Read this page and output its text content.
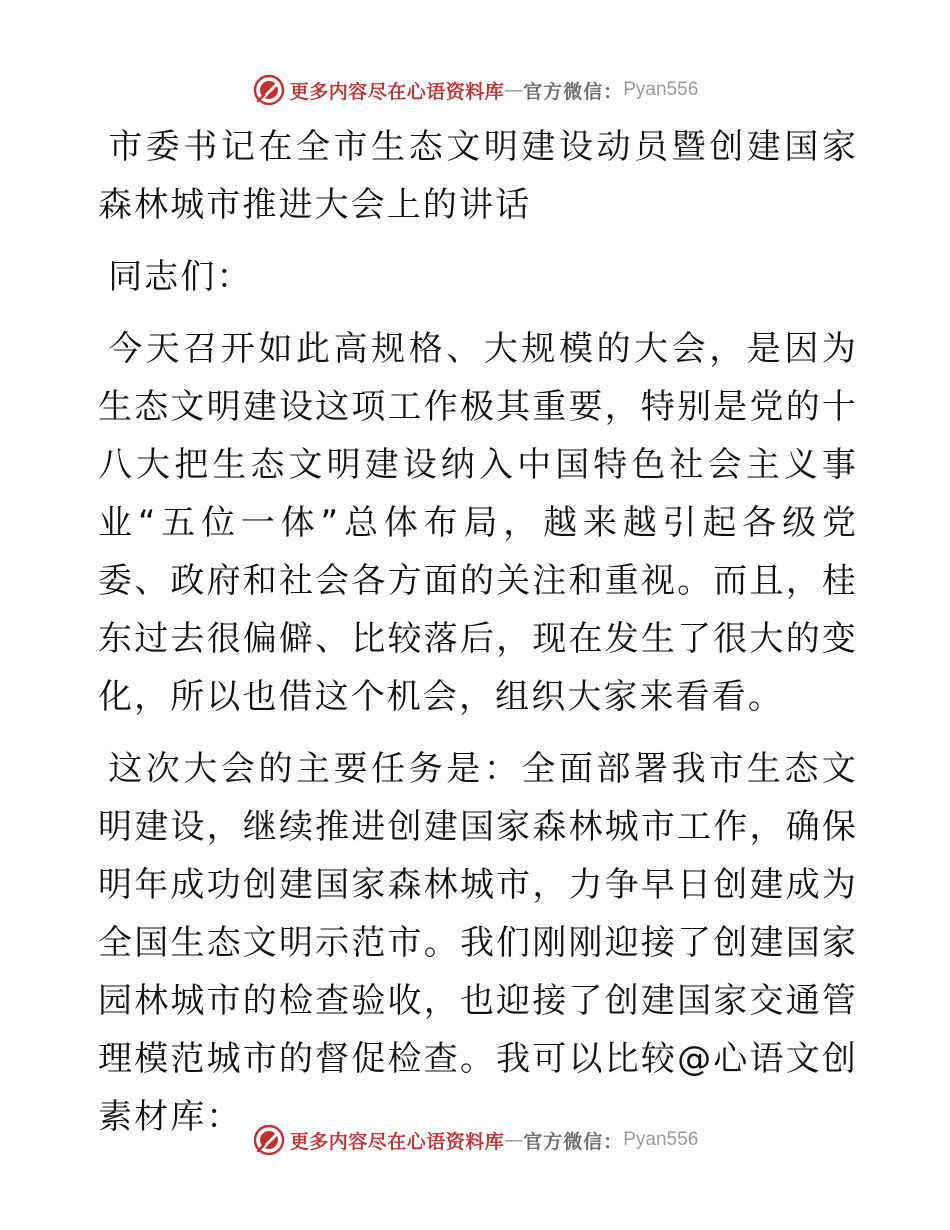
更多内容尽在心语资料库 — 官方微信： Pyan556

市委书记在全市生态文明建设动员暨创建国家森林城市推进大会上的讲话

同志们：

今天召开如此高规格、大规模的大会，是因为生态文明建设这项工作极其重要，特别是党的十八大把生态文明建设纳入中国特色社会主义事业“五位一体”总体布局，越来越引起各级党委、政府和社会各方面的关注和重视。而且，桂东过去很偏僻、比较落后，现在发生了很大的变化，所以也借这个机会，组织大家来看看。

这次大会的主要任务是：全面部署我市生态文明建设，继续推进创建国家森林城市工作，确保明年成功创建国家森林城市，力争早日创建成为全国生态文明示范市。我们刚刚迎接了创建国家园林城市的检查验收，也迎接了创建国家交通管理模范城市的督促检查。我可以比较@心语文创素材库：

更多内容尽在心语资料库 — 官方微信： Pyan556
